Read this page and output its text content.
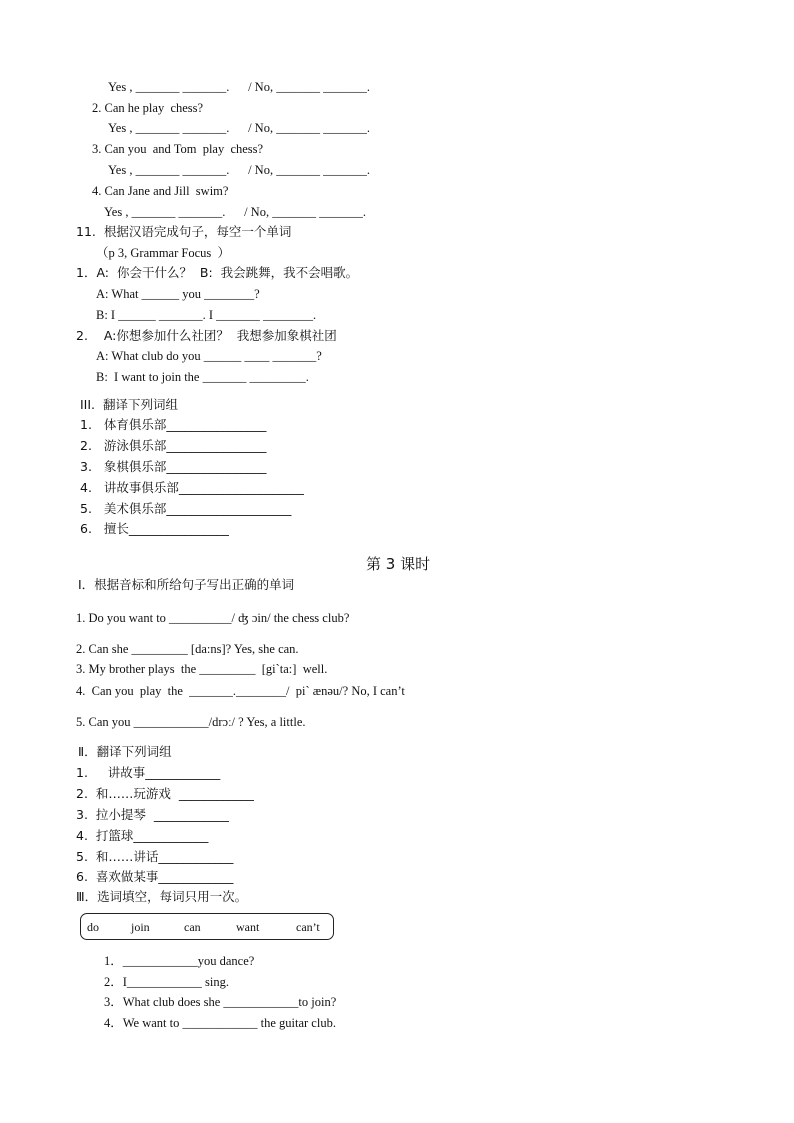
Yes , _______ _______.      / No, _______ _______.
2. Can he play  chess?
Yes , _______ _______.      / No, _______ _______.
3. Can you  and Tom  play  chess?
Yes , _______ _______.      / No, _______ _______.
4. Can Jane and Jill  swim?
Yes , _______ _______.      / No, _______ _______.
11.  根据汉语完成句子，每空一个单词
（p 3, Grammar Focus  ）
1．A:  你会干什么？  B:  我会跳舞，我不会唱歌。
A: What ______ you ________?
B: I ______ _______. I _______ ________.
2.    A:你想参加什么社团？  我想参加象棋社团
A: What club do you ______ ____ _______?
B:  I want to join the _______ _________.
III.  翻译下列词组
1.   体育俱乐部________________
2.   游泳俱乐部________________
3.   象棋俱乐部________________
4.   讲故事俱乐部____________________
5.   美术俱乐部____________________
6.   擅长________________
第 3 课时
Ⅰ．根据音标和所给句子写出正确的单词
1. Do you want to __________/ ʤ ɔin/ the chess club?
2. Can she _________ [da:ns]? Yes, she can.
3. My brother plays  the _________  [gi`ta:]  well.
4.  Can you  play  the  _______.________/  pi` ænəu/? No, I can’t
5. Can you ____________/drɔː/ ? Yes, a little.
Ⅱ．翻译下列词组
1.     讲故事____________
2.  和……玩游戏  ____________
3.  拉小提琴  ____________
4.  打篮球____________
5.  和……讲话____________
6.  喜欢做某事____________
Ⅲ．选词填空，每词只用一次。
do	join	can	want	can’t
1．____________you dance?
2．I____________ sing.
3．What club does she ____________to join?
4．We want to ____________ the guitar club.
